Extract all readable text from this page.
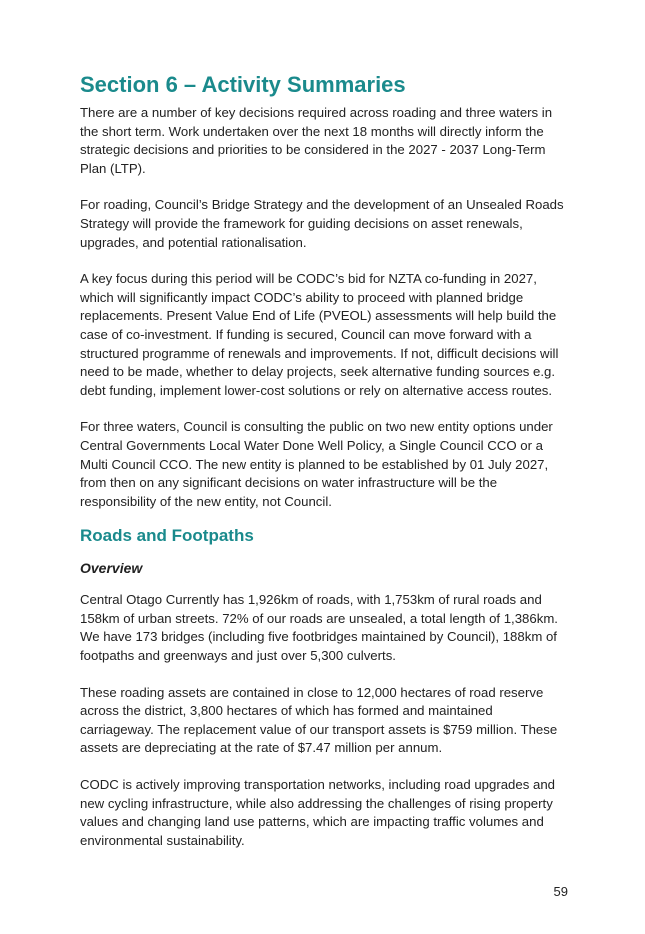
Section 6 – Activity Summaries

There are a number of key decisions required across roading and three waters in the short term. Work undertaken over the next 18 months will directly inform the strategic decisions and priorities to be considered in the 2027 - 2037 Long-Term Plan (LTP).

For roading, Council’s Bridge Strategy and the development of an Unsealed Roads Strategy will provide the framework for guiding decisions on asset renewals, upgrades, and potential rationalisation.

A key focus during this period will be CODC’s bid for NZTA co-funding in 2027, which will significantly impact CODC’s ability to proceed with planned bridge replacements. Present Value End of Life (PVEOL) assessments will help build the case of co-investment. If funding is secured, Council can move forward with a structured programme of renewals and improvements. If not, difficult decisions will need to be made, whether to delay projects, seek alternative funding sources e.g. debt funding, implement lower-cost solutions or rely on alternative access routes.

For three waters, Council is consulting the public on two new entity options under Central Governments Local Water Done Well Policy, a Single Council CCO or a Multi Council CCO. The new entity is planned to be established by 01 July 2027, from then on any significant decisions on water infrastructure will be the responsibility of the new entity, not Council.

Roads and Footpaths
Overview

Central Otago Currently has 1,926km of roads, with 1,753km of rural roads and 158km of urban streets. 72% of our roads are unsealed, a total length of 1,386km. We have 173 bridges (including five footbridges maintained by Council), 188km of footpaths and greenways and just over 5,300 culverts.

These roading assets are contained in close to 12,000 hectares of road reserve across the district, 3,800 hectares of which has formed and maintained carriageway. The replacement value of our transport assets is $759 million. These assets are depreciating at the rate of $7.47 million per annum.

CODC is actively improving transportation networks, including road upgrades and new cycling infrastructure, while also addressing the challenges of rising property values and changing land use patterns, which are impacting traffic volumes and environmental sustainability.

59
